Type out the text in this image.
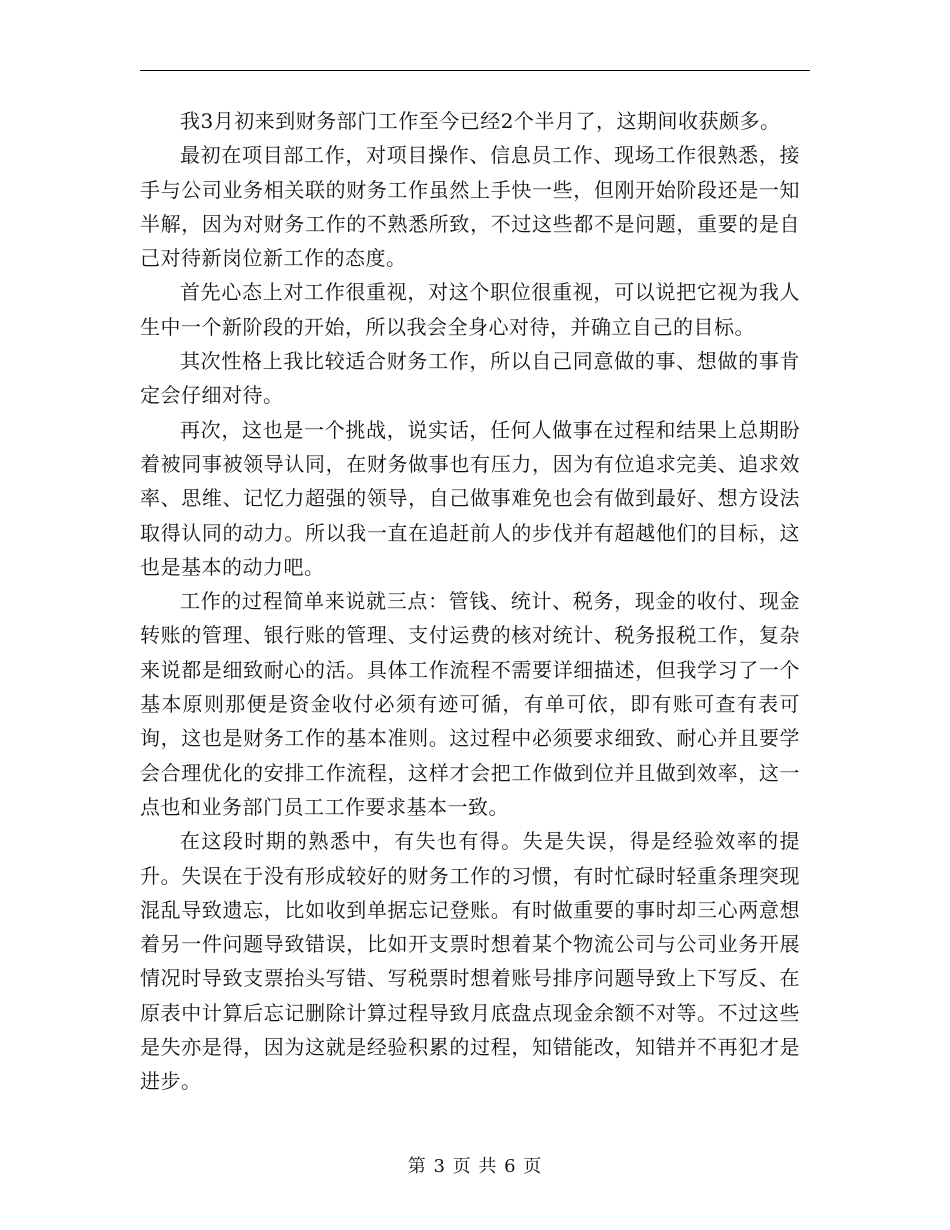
我3月初来到财务部门工作至今已经2个半月了，这期间收获颇多。

最初在项目部工作，对项目操作、信息员工作、现场工作很熟悉，接手与公司业务相关联的财务工作虽然上手快一些，但刚开始阶段还是一知半解，因为对财务工作的不熟悉所致，不过这些都不是问题，重要的是自己对待新岗位新工作的态度。

首先心态上对工作很重视，对这个职位很重视，可以说把它视为我人生中一个新阶段的开始，所以我会全身心对待，并确立自己的目标。

其次性格上我比较适合财务工作，所以自己同意做的事、想做的事肯定会仔细对待。

再次，这也是一个挑战，说实话，任何人做事在过程和结果上总期盼着被同事被领导认同，在财务做事也有压力，因为有位追求完美、追求效率、思维、记忆力超强的领导，自己做事难免也会有做到最好、想方设法取得认同的动力。所以我一直在追赶前人的步伐并有超越他们的目标，这也是基本的动力吧。

工作的过程简单来说就三点：管钱、统计、税务，现金的收付、现金转账的管理、银行账的管理、支付运费的核对统计、税务报税工作，复杂来说都是细致耐心的活。具体工作流程不需要详细描述，但我学习了一个基本原则那便是资金收付必须有迹可循，有单可依，即有账可查有表可询，这也是财务工作的基本准则。这过程中必须要求细致、耐心并且要学会合理优化的安排工作流程，这样才会把工作做到位并且做到效率，这一点也和业务部门员工工作要求基本一致。

在这段时期的熟悉中，有失也有得。失是失误，得是经验效率的提升。失误在于没有形成较好的财务工作的习惯，有时忙碌时轻重条理突现混乱导致遗忘，比如收到单据忘记登账。有时做重要的事时却三心两意想着另一件问题导致错误，比如开支票时想着某个物流公司与公司业务开展情况时导致支票抬头写错、写税票时想着账号排序问题导致上下写反、在原表中计算后忘记删除计算过程导致月底盘点现金余额不对等。不过这些是失亦是得，因为这就是经验积累的过程，知错能改，知错并不再犯才是进步。

第 3 页 共 6 页
